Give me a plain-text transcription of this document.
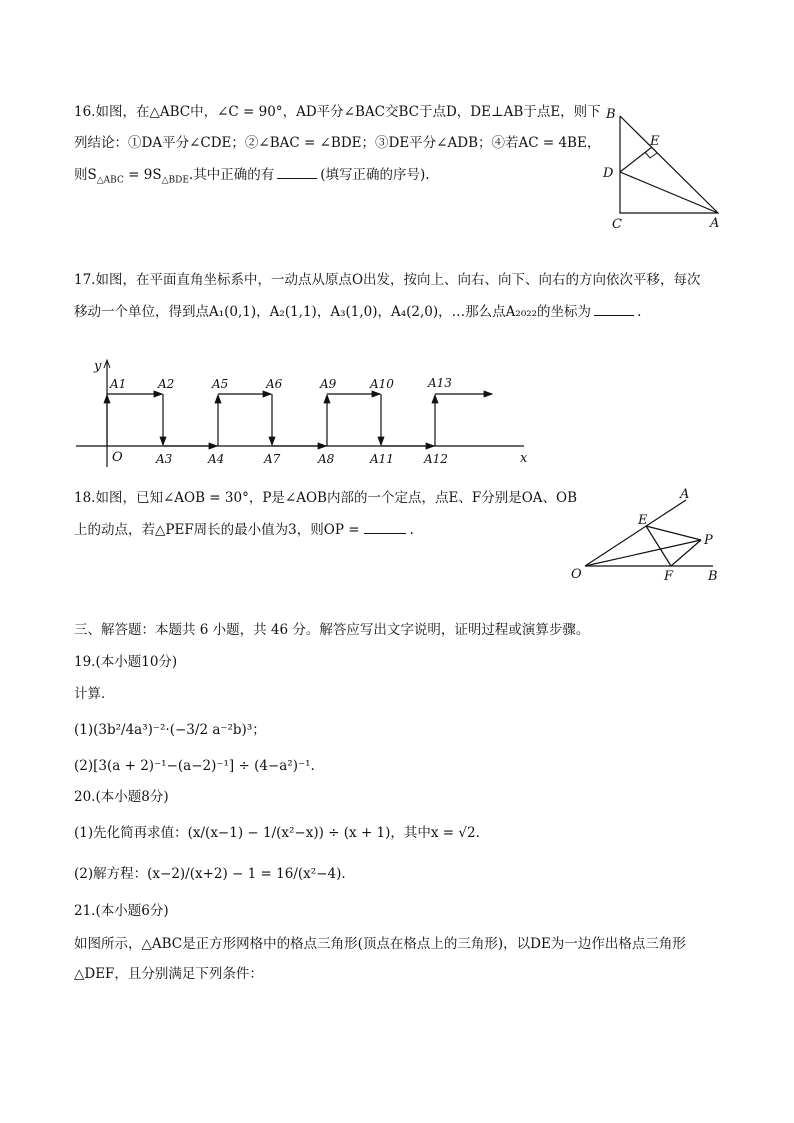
16.如图，在△ABC中，∠C = 90°，AD平分∠BAC交BC于点D，DE⊥AB于点E，则下
列结论：①DA平分∠CDE；②∠BAC = ∠BDE；③DE平分∠ADB；④若AC = 4BE，
则$S_{\triangle ABC} = 9S_{\triangle BDE}$.其中正确的有	(填写正确的序号).
B
E
D
C	A
17.如图，在平面直角坐标系中，一动点从原点O出发，按向上、向右、向下、向右的方向依次平移，每次
移动一个单位，得到点A₁(0,1)，A₂(1,1)，A₃(1,0)，A₄(2,0)，…那么点A₂₀₂₂的坐标为	.
y
x
O
A1	A2	A5	A6	A9	A10	A13
A3	A4	A7	A8	A11	A12
18.如图，已知∠AOB = 30°，P是∠AOB内部的一个定点，点E、F分别是OA、OB
上的动点，若△PEF周长的最小值为3，则OP =	.
A
E
P
O	F	B
三、解答题：本题共 6 小题，共 46 分。解答应写出文字说明，证明过程或演算步骤。
19.(本小题10分)
计算．
(1)(3b²/4a³)⁻²·(−3/2 a⁻²b)³；
(2)[3(a + 2)⁻¹−(a−2)⁻¹] ÷ (4−a²)⁻¹.
20.(本小题8分)
(1)先化简再求值：(x/(x−1) − 1/(x²−x)) ÷ (x + 1)，其中x = √2.
(2)解方程：(x−2)/(x+2) − 1 = 16/(x²−4).
21.(本小题6分)
如图所示，△ABC是正方形网格中的格点三角形(顶点在格点上的三角形)，以DE为一边作出格点三角形
△DEF，且分别满足下列条件：
